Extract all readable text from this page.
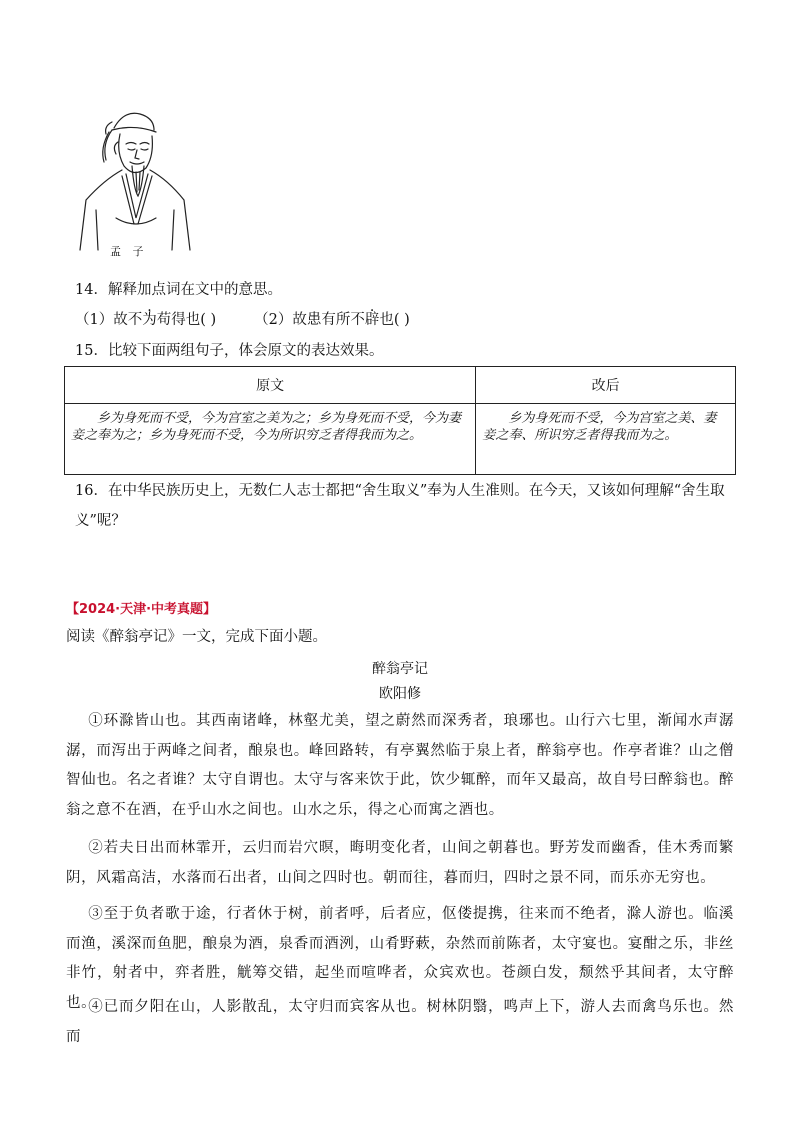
孟 子
14．解释加点词在文中的意思。
（1）故不为苟得也( )	（2）故患有所不辟也( )
15．比较下面两组句子，体会原文的表达效果。
原文	改后
乡为身死而不受，今为宫室之美为之；乡为身死而不受，今为妻妾之奉为之；乡为身死而不受，今为所识穷乏者得我而为之。	乡为身死而不受，今为宫室之美、妻妾之奉、所识穷乏者得我而为之。
16．在中华民族历史上，无数仁人志士都把“舍生取义”奉为人生准则。在今天，又该如何理解“舍生取义”呢？
【2024·天津·中考真题】
阅读《醉翁亭记》一文，完成下面小题。
醉翁亭记
欧阳修
①环滁皆山也。其西南诸峰，林壑尤美，望之蔚然而深秀者，琅琊也。山行六七里，渐闻水声潺潺，而泻出于两峰之间者，酿泉也。峰回路转，有亭翼然临于泉上者，醉翁亭也。作亭者谁？山之僧智仙也。名之者谁？太守自谓也。太守与客来饮于此，饮少辄醉，而年又最高，故自号曰醉翁也。醉翁之意不在酒，在乎山水之间也。山水之乐，得之心而寓之酒也。
②若夫日出而林霏开，云归而岩穴暝，晦明变化者，山间之朝暮也。野芳发而幽香，佳木秀而繁阴，风霜高洁，水落而石出者，山间之四时也。朝而往，暮而归，四时之景不同，而乐亦无穷也。
③至于负者歌于途，行者休于树，前者呼，后者应，伛偻提携，往来而不绝者，滁人游也。临溪而渔，溪深而鱼肥，酿泉为酒，泉香而酒洌，山肴野蔌，杂然而前陈者，太守宴也。宴酣之乐，非丝非竹，射者中，弈者胜，觥筹交错，起坐而喧哗者，众宾欢也。苍颜白发，颓然乎其间者，太守醉也。
④已而夕阳在山，人影散乱，太守归而宾客从也。树林阴翳，鸣声上下，游人去而禽鸟乐也。然而
